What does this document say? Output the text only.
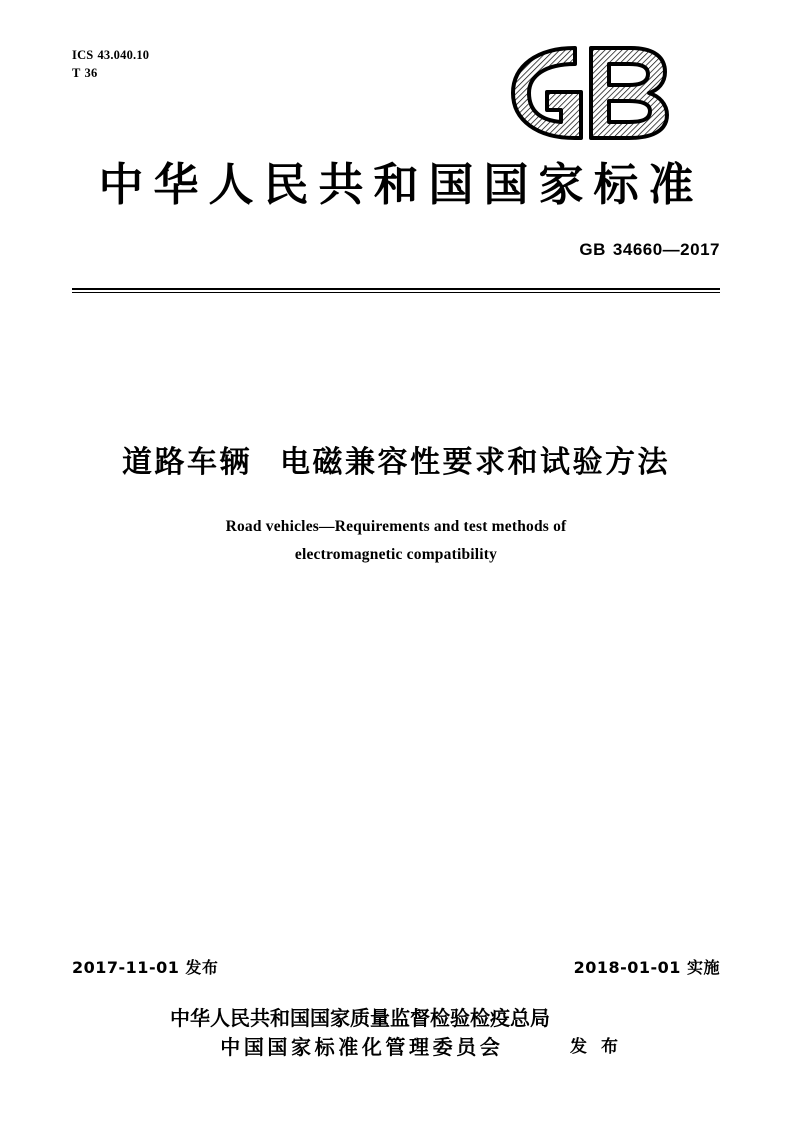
ICS 43.040.10
T 36
中华人民共和国国家标准
GB 34660—2017
道路车辆 电磁兼容性要求和试验方法
Road vehicles—Requirements and test methods of
electromagnetic compatibility
2017-11-01 发布	2018-01-01 实施
中华人民共和国国家质量监督检验检疫总局
中国国家标准化管理委员会	发 布
